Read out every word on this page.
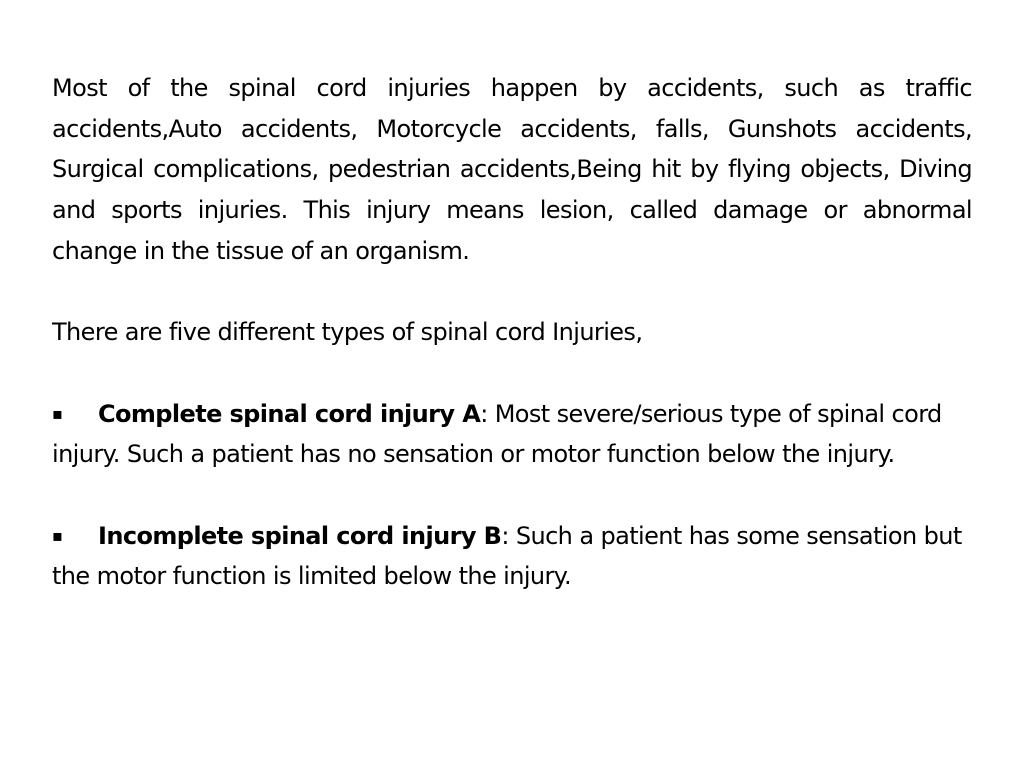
Most of the spinal cord injuries happen by accidents, such as traffic accidents,Auto accidents, Motorcycle accidents, falls, Gunshots accidents, Surgical complications, pedestrian accidents,Being hit by flying objects, Diving and sports injuries. This injury means lesion, called damage or abnormal change in the tissue of an organism.

There are five different types of spinal cord Injuries,

▪ Complete spinal cord injury A: Most severe/serious type of spinal cord injury. Such a patient has no sensation or motor function below the injury.

▪ Incomplete spinal cord injury B: Such a patient has some sensation but the motor function is limited below the injury.
